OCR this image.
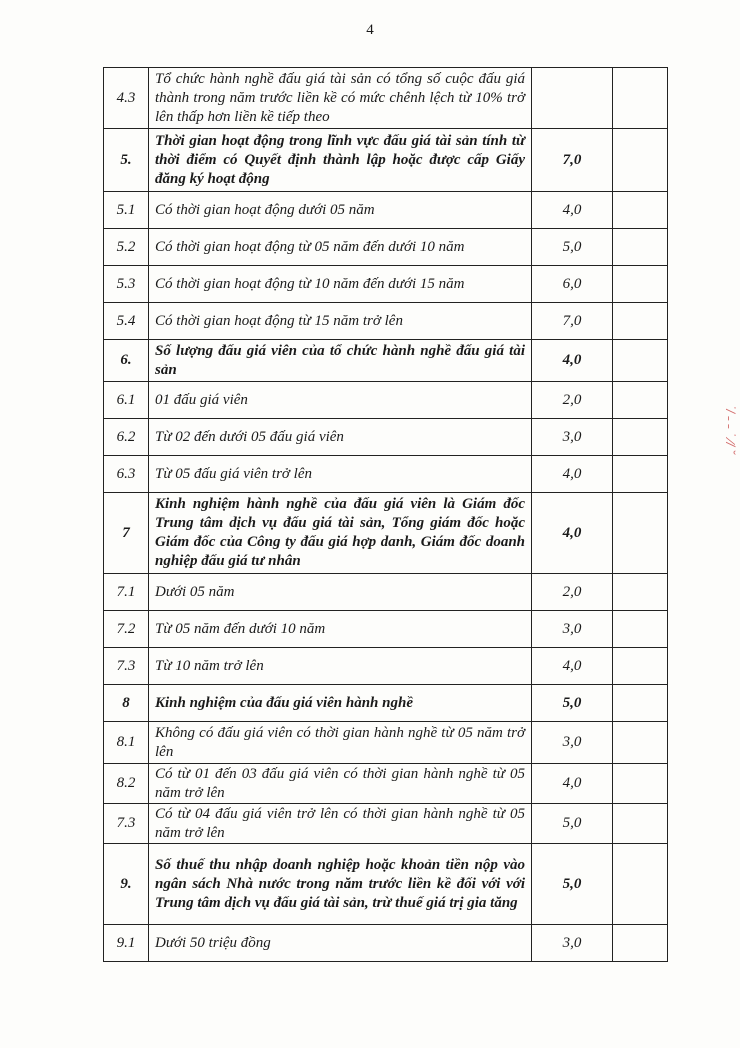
4
4.3	Tổ chức hành nghề đấu giá tài sản có tổng số cuộc đấu giá thành trong năm trước liền kề có mức chênh lệch từ 10% trở lên thấp hơn liền kề tiếp theo		
5.	Thời gian hoạt động trong lĩnh vực đấu giá tài sản tính từ thời điểm có Quyết định thành lập hoặc được cấp Giấy đăng ký hoạt động	7,0	
5.1	Có thời gian hoạt động dưới 05 năm	4,0	
5.2	Có thời gian hoạt động từ 05 năm đến dưới 10 năm	5,0	
5.3	Có thời gian hoạt động từ 10 năm đến dưới 15 năm	6,0	
5.4	Có thời gian hoạt động từ 15 năm trở lên	7,0	
6.	Số lượng đấu giá viên của tổ chức hành nghề đấu giá tài sản	4,0	
6.1	01 đấu giá viên	2,0	
6.2	Từ 02 đến dưới 05 đấu giá viên	3,0	
6.3	Từ 05 đấu giá viên trở lên	4,0	
7	Kinh nghiệm hành nghề của đấu giá viên là Giám đốc Trung tâm dịch vụ đấu giá tài sản, Tổng giám đốc hoặc Giám đốc của Công ty đấu giá hợp danh, Giám đốc doanh nghiệp đấu giá tư nhân	4,0	
7.1	Dưới 05 năm	2,0	
7.2	Từ 05 năm đến dưới 10 năm	3,0	
7.3	Từ 10 năm trở lên	4,0	
8	Kinh nghiệm của đấu giá viên hành nghề	5,0	
8.1	Không có đấu giá viên có thời gian hành nghề từ 05 năm trở lên	3,0	
8.2	Có từ 01 đến 03 đấu giá viên có thời gian hành nghề từ 05 năm trở lên	4,0	
7.3	Có từ 04 đấu giá viên trở lên có thời gian hành nghề từ 05 năm trở lên	5,0	
9.	Số thuế thu nhập doanh nghiệp hoặc khoản tiền nộp vào ngân sách Nhà nước trong năm trước liền kề đối với với Trung tâm dịch vụ đấu giá tài sản, trừ thuế giá trị gia tăng	5,0	
9.1	Dưới 50 triệu đồng	3,0	
˙/ ˗ ˗ ˙ ∕/ ˘
